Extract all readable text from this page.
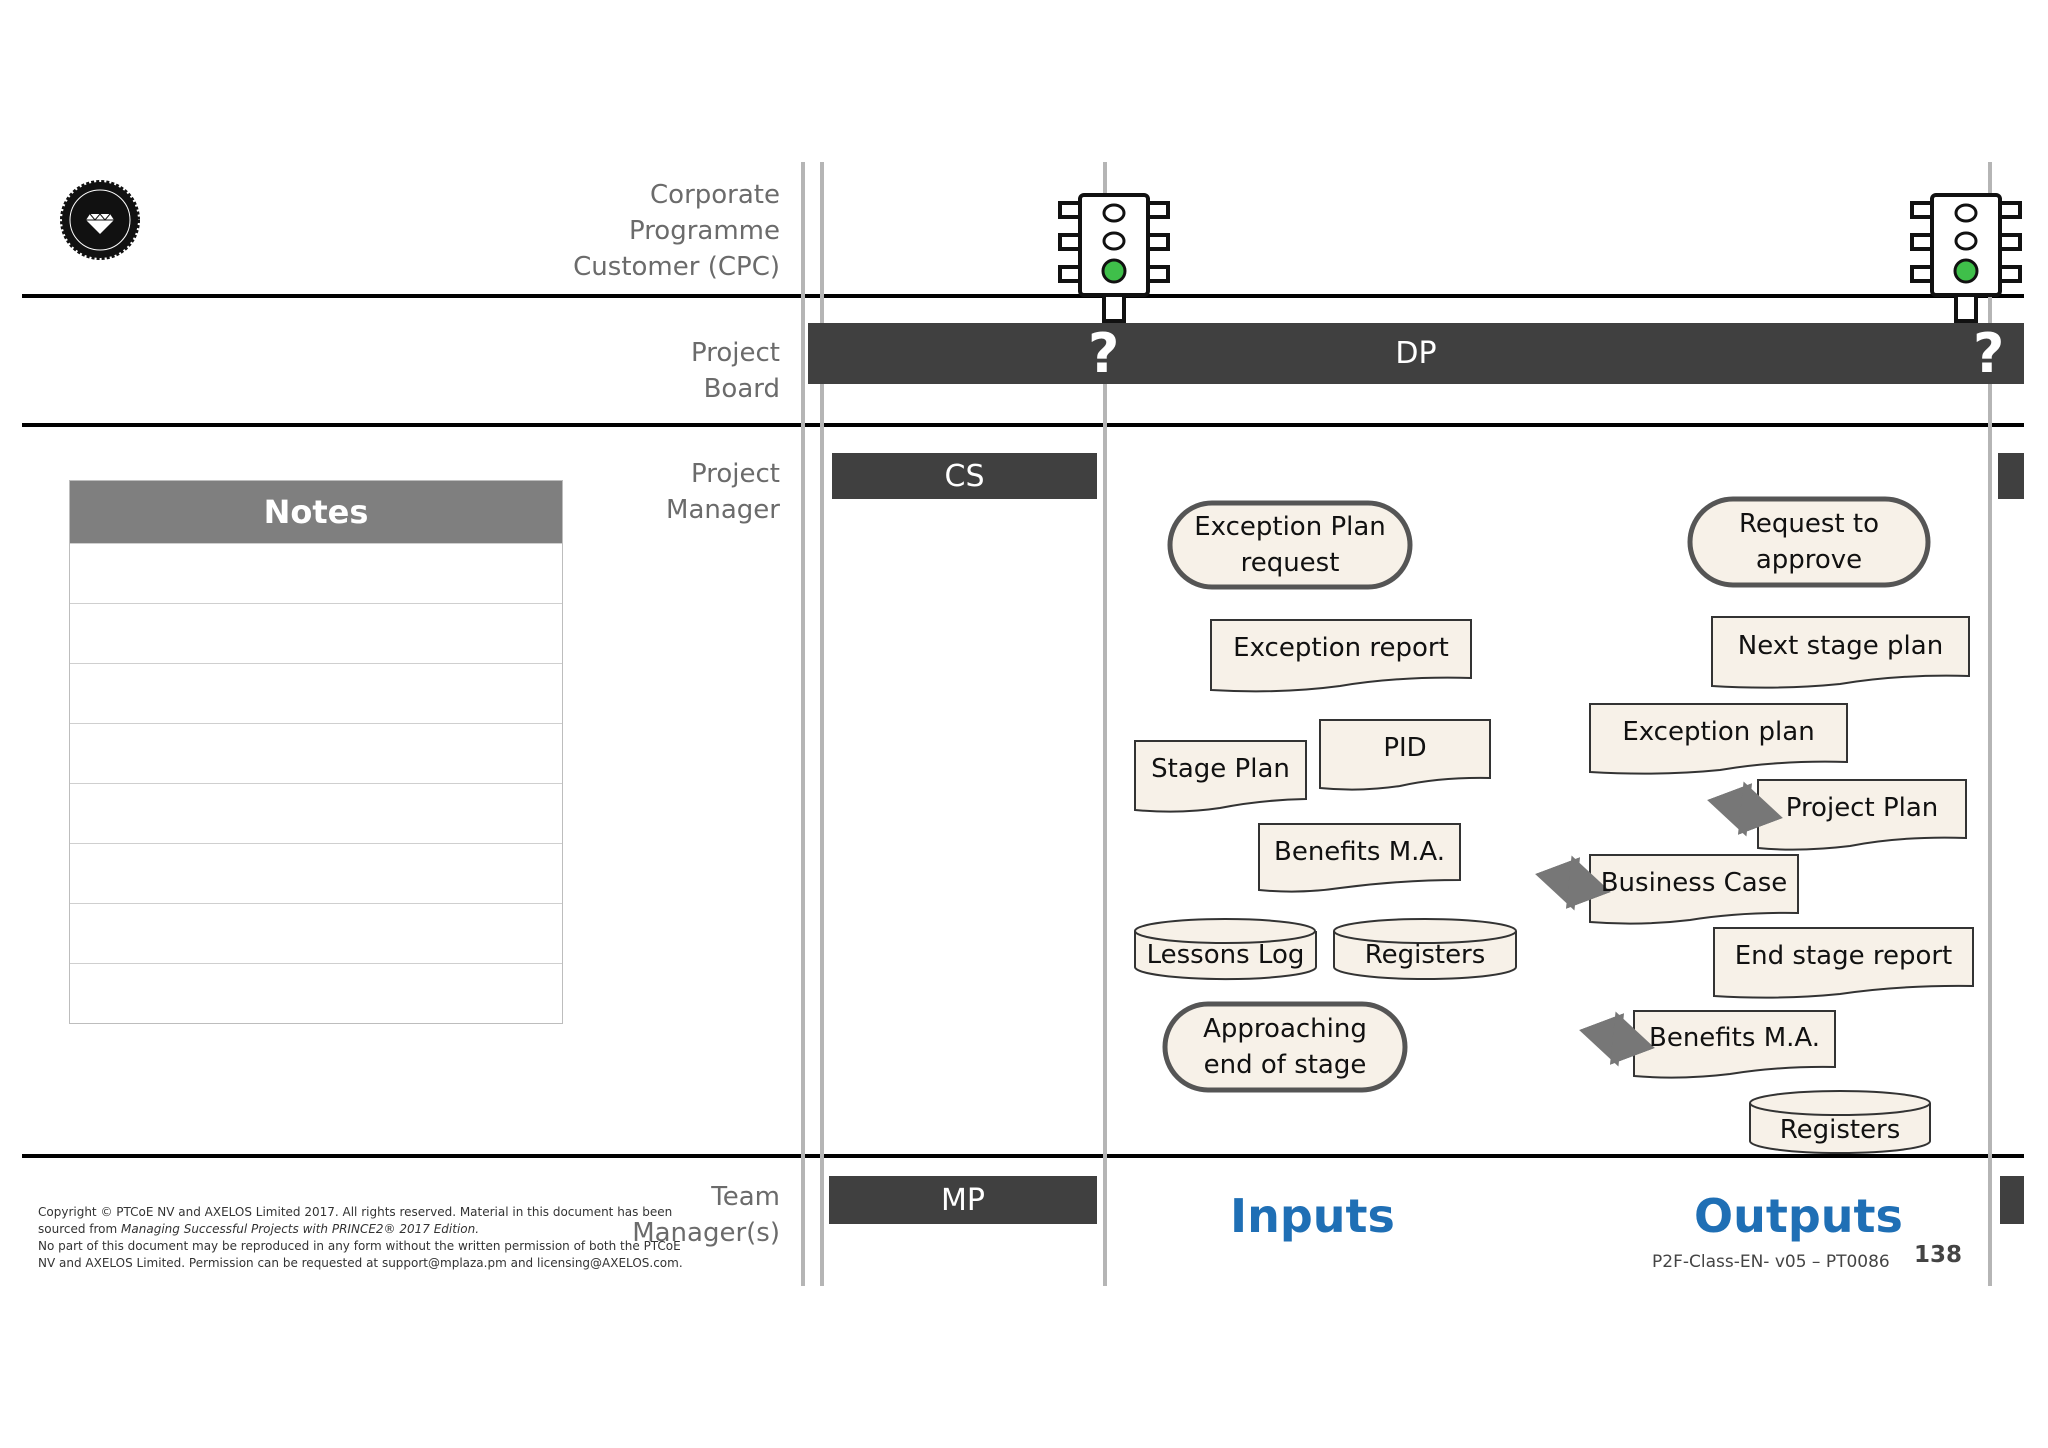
Corporate
Programme
Customer (CPC)
Project
Board
Project
Manager
Team
Manager(s)
DP
?	?
CS
MP
Notes	Exception Plan request
Exception report
Stage Plan
PID
Benefits M.A.
Lessons Log	Registers
Approaching end of stage
Request to approve
Next stage plan
Exception plan
Project Plan
Business Case
End stage report
Benefits M.A.
Registers
Inputs	Outputs
Copyright © PTCoE NV and AXELOS Limited 2017. All rights reserved. Material in this document has been
sourced from Managing Successful Projects with PRINCE2® 2017 Edition.
No part of this document may be reproduced in any form without the written permission of both the PTCoE
NV and AXELOS Limited. Permission can be requested at support@mplaza.pm and licensing@AXELOS.com.	P2F-Class-EN- v05 – PT0086 138
